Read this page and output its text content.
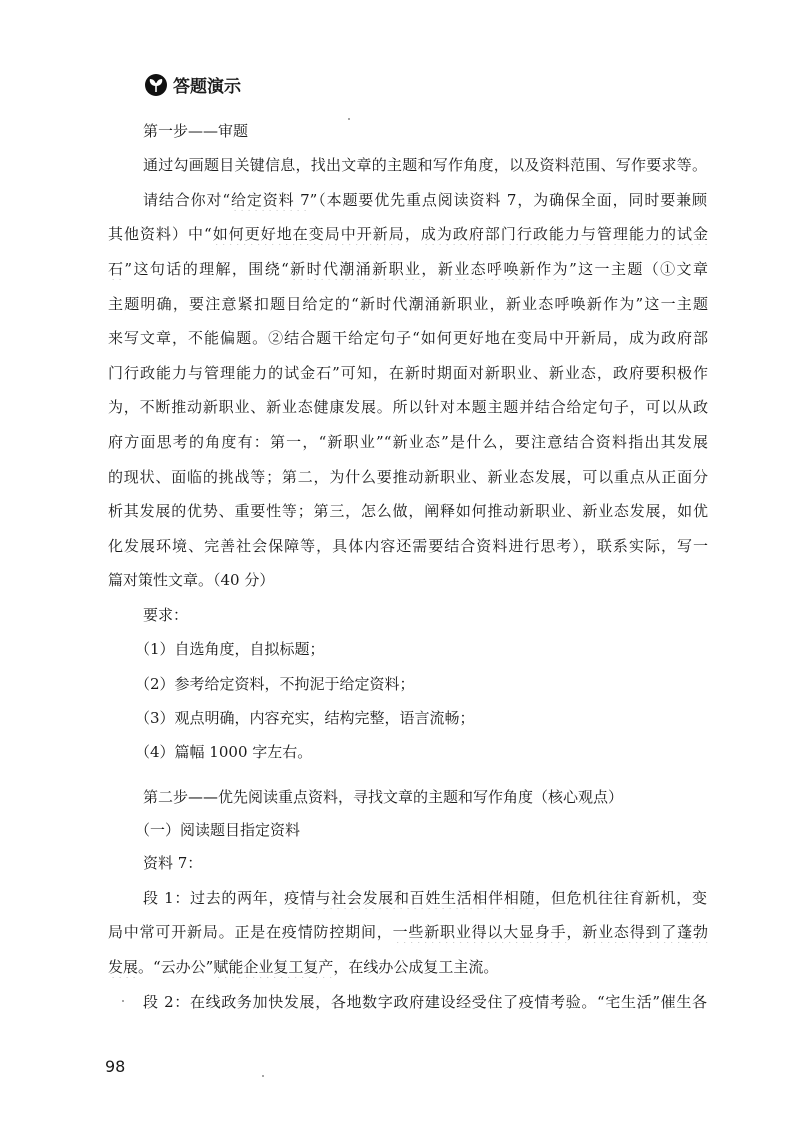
答题演示
第一步——审题
通过勾画题目关键信息，找出文章的主题和写作角度，以及资料范围、写作要求等。
请结合你对“给定资料 7”（本题要优先重点阅读资料 7，为确保全面，同时要兼顾
其他资料）中“如何更好地在变局中开新局，成为政府部门行政能力与管理能力的试金
石”这句话的理解，围绕“新时代潮涌新职业，新业态呼唤新作为”这一主题（①文章
主题明确，要注意紧扣题目给定的“新时代潮涌新职业，新业态呼唤新作为”这一主题
来写文章，不能偏题。②结合题干给定句子“如何更好地在变局中开新局，成为政府部
门行政能力与管理能力的试金石”可知，在新时期面对新职业、新业态，政府要积极作
为，不断推动新职业、新业态健康发展。所以针对本题主题并结合给定句子，可以从政
府方面思考的角度有：第一，“新职业”“新业态”是什么，要注意结合资料指出其发展
的现状、面临的挑战等；第二，为什么要推动新职业、新业态发展，可以重点从正面分
析其发展的优势、重要性等；第三，怎么做，阐释如何推动新职业、新业态发展，如优
化发展环境、完善社会保障等，具体内容还需要结合资料进行思考），联系实际，写一
篇对策性文章。（40 分）
要求：
（1）自选角度，自拟标题；
（2）参考给定资料，不拘泥于给定资料；
（3）观点明确，内容充实，结构完整，语言流畅；
（4）篇幅 1000 字左右。
第二步——优先阅读重点资料，寻找文章的主题和写作角度（核心观点）
（一）阅读题目指定资料
资料 7：
段 1：过去的两年，疫情与社会发展和百姓生活相伴相随，但危机往往育新机，变
局中常可开新局。正是在疫情防控期间，一些新职业得以大显身手，新业态得到了蓬勃
发展。“云办公”赋能企业复工复产，在线办公成复工主流。
段 2：在线政务加快发展，各地数字政府建设经受住了疫情考验。“宅生活”催生各
98
